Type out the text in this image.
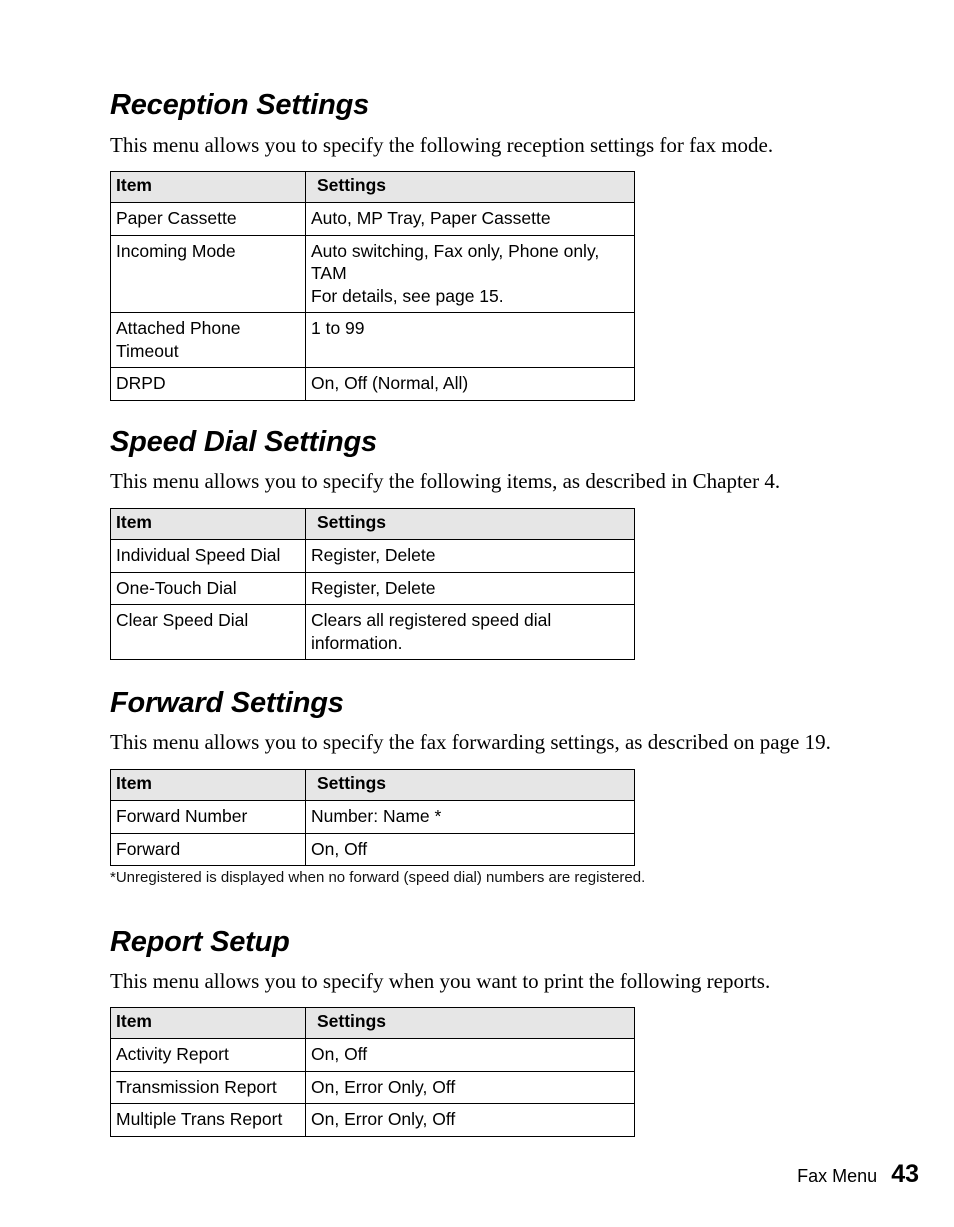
Reception Settings

This menu allows you to specify the following reception settings for fax mode.

Item	Settings
Paper Cassette	Auto, MP Tray, Paper Cassette
Incoming Mode	Auto switching, Fax only, Phone only,
TAM
For details, see page 15.
Attached Phone
Timeout	1 to 99
DRPD	On, Off (Normal, All)
Speed Dial Settings

This menu allows you to specify the following items, as described in Chapter 4.

Item	Settings
Individual Speed Dial	Register, Delete
One-Touch Dial	Register, Delete
Clear Speed Dial	Clears all registered speed dial
information.
Forward Settings

This menu allows you to specify the fax forwarding settings, as described on page 19.

Item	Settings
Forward Number	Number: Name *
Forward	On, Off

*Unregistered is displayed when no forward (speed dial) numbers are registered.

Report Setup

This menu allows you to specify when you want to print the following reports.

Item	Settings
Activity Report	On, Off
Transmission Report	On, Error Only, Off
Multiple Trans Report	On, Error Only, Off
Fax Menu 43
